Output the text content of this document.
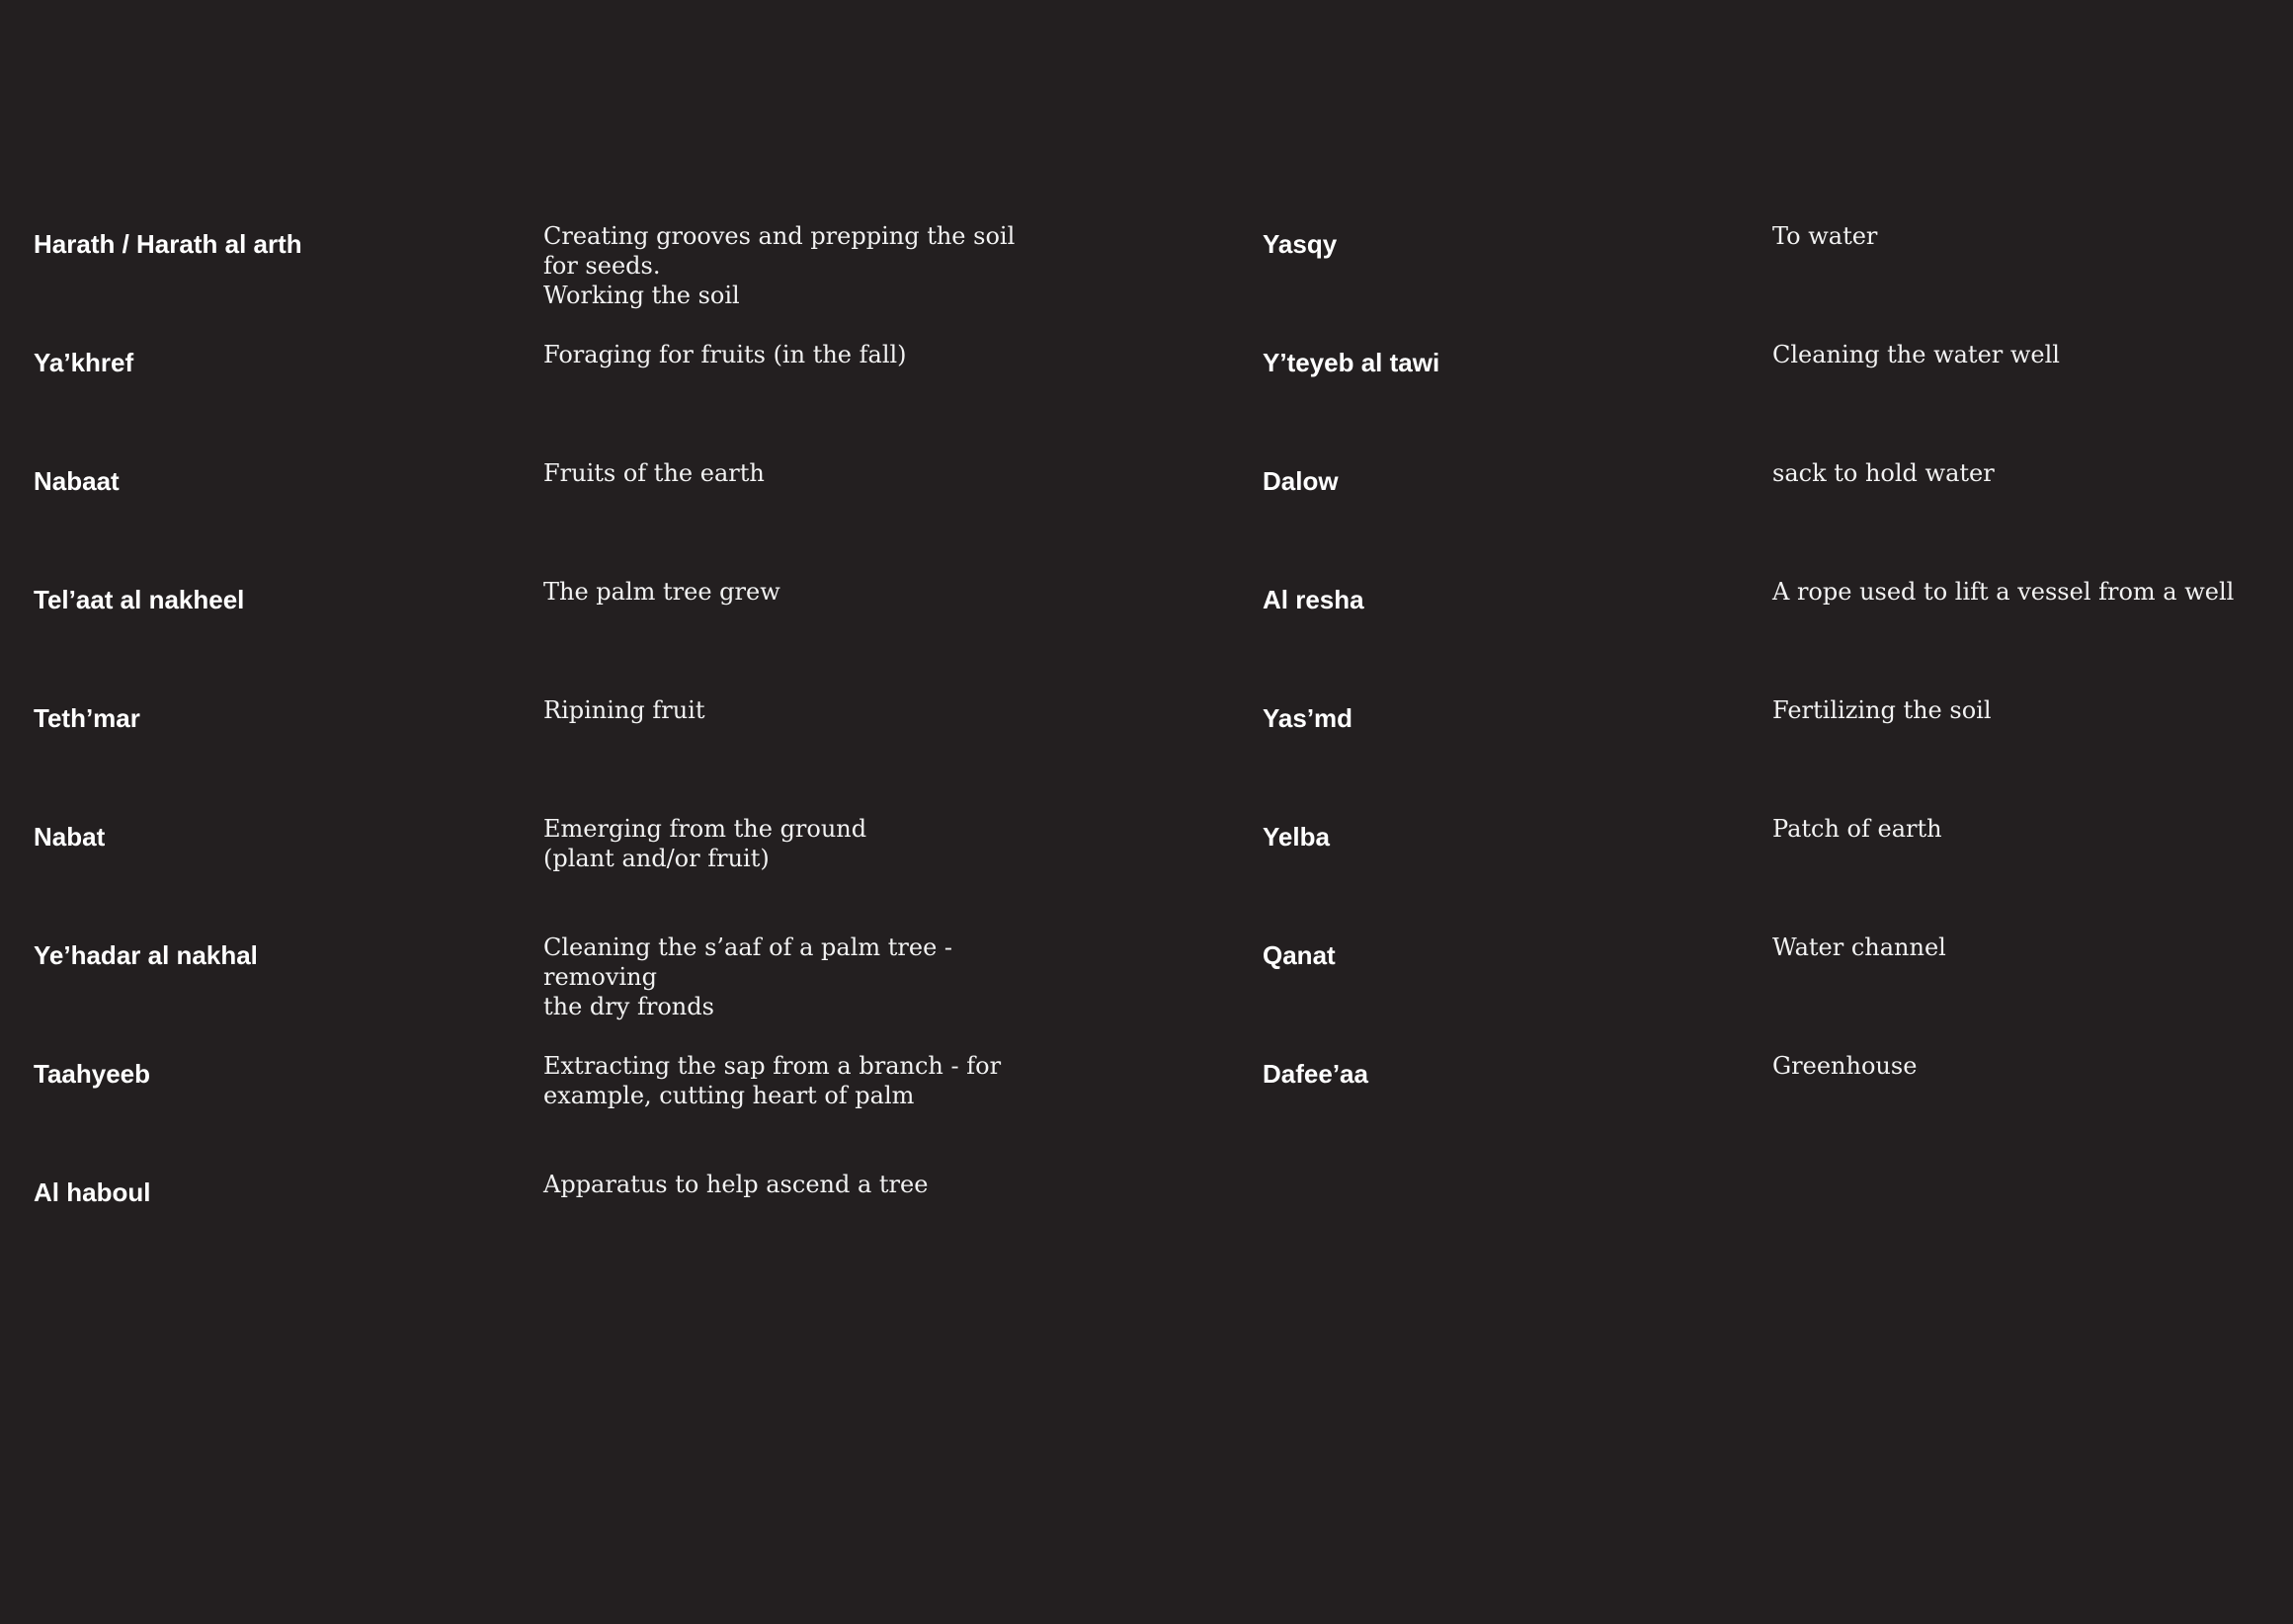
Harath / Harath al arth	Creating grooves and prepping the soil
for seeds.
Working the soil
Ya’khref	Foraging for fruits (in the fall)
Nabaat	Fruits of the earth
Tel’aat al nakheel	The palm tree grew
Teth’mar	Ripining fruit
Nabat	Emerging from the ground
(plant and/or fruit)
Ye’hadar al nakhal	Cleaning the s’aaf of a palm tree - removing
the dry fronds
Taahyeeb	Extracting the sap from a branch - for
example, cutting heart of palm
Al haboul	Apparatus to help ascend a tree
Yasqy	To water
Y’teyeb al tawi	Cleaning the water well
Dalow	sack to hold water
Al resha	A rope used to lift a vessel from a well
Yas’md	Fertilizing the soil
Yelba	Patch of earth
Qanat	Water channel
Dafee’aa	Greenhouse
